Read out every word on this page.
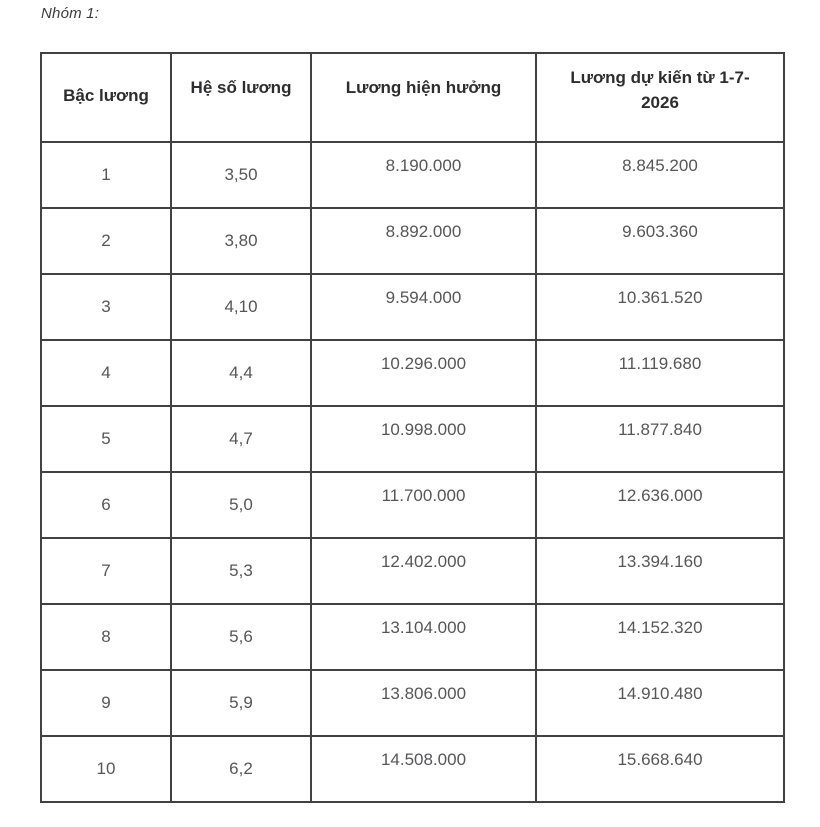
Nhóm 1:
Bậc lương	Hệ số lương	Lương hiện hưởng	Lương dự kiến từ 1-7-2026
1	3,50	8.190.000	8.845.200
2	3,80	8.892.000	9.603.360
3	4,10	9.594.000	10.361.520
4	4,4	10.296.000	11.119.680
5	4,7	10.998.000	11.877.840
6	5,0	11.700.000	12.636.000
7	5,3	12.402.000	13.394.160
8	5,6	13.104.000	14.152.320
9	5,9	13.806.000	14.910.480
10	6,2	14.508.000	15.668.640
